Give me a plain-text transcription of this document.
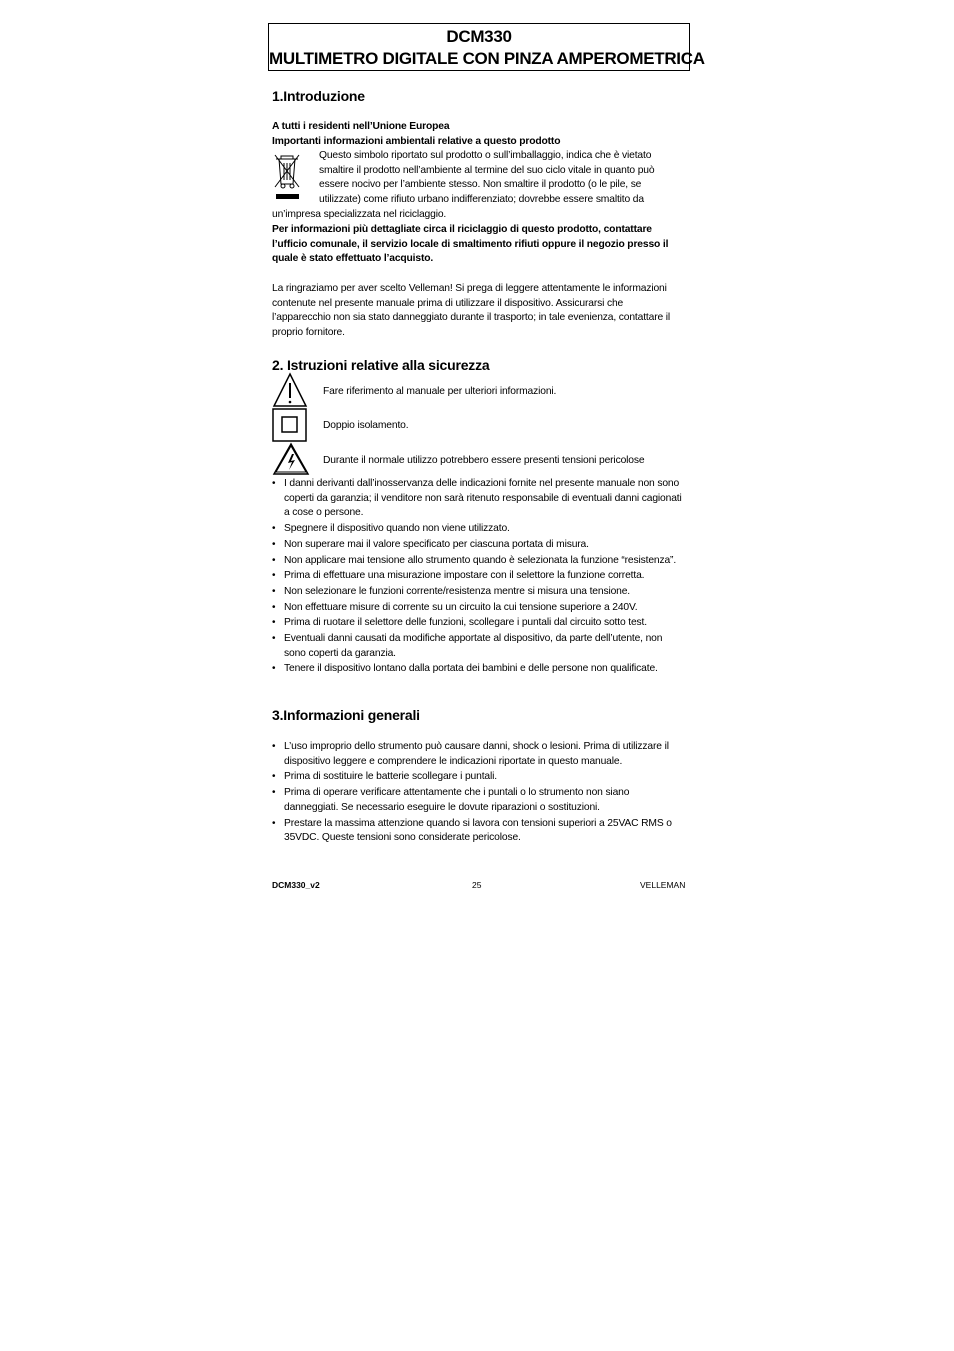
DCM330
MULTIMETRO DIGITALE CON PINZA AMPEROMETRICA
1.Introduzione
A tutti i residenti nell’Unione Europea
Importanti informazioni ambientali relative a questo prodotto
Questo simbolo riportato sul prodotto o sull’imballaggio, indica che è vietato
smaltire il prodotto nell’ambiente al termine del suo ciclo vitale in quanto può
essere nocivo per l’ambiente stesso. Non smaltire il prodotto (o le pile, se
utilizzate) come rifiuto urbano indifferenziato; dovrebbe essere smaltito da
un’impresa specializzata nel riciclaggio.

Per informazioni più dettagliate circa il riciclaggio di questo prodotto, contattare l’ufficio comunale, il servizio locale di smaltimento rifiuti oppure il negozio presso il quale è stato effettuato l’acquisto.

La ringraziamo per aver scelto Velleman! Si prega di leggere attentamente le informazioni contenute nel presente manuale prima di utilizzare il dispositivo. Assicurarsi che l’apparecchio non sia stato danneggiato durante il trasporto; in tale evenienza, contattare il proprio fornitore.

2. Istruzioni relative alla sicurezza
Fare riferimento al manuale per ulteriori informazioni.
Doppio isolamento.
Durante il normale utilizzo potrebbero essere presenti tensioni pericolose
• I danni derivanti dall’inosservanza delle indicazioni fornite nel presente manuale non sono coperti da garanzia; il venditore non sarà ritenuto responsabile di eventuali danni cagionati a cose o persone.
• Spegnere il dispositivo quando non viene utilizzato.
• Non superare mai il valore specificato per ciascuna portata di misura.
• Non applicare mai tensione allo strumento quando è selezionata la funzione “resistenza”.
• Prima di effettuare una misurazione impostare con il selettore la funzione corretta.
• Non selezionare le funzioni corrente/resistenza mentre si misura una tensione.
• Non effettuare misure di corrente su un circuito la cui tensione superiore a 240V.
• Prima di ruotare il selettore delle funzioni, scollegare i puntali dal circuito sotto test.
• Eventuali danni causati da modifiche apportate al dispositivo, da parte dell’utente, non sono coperti da garanzia.
• Tenere il dispositivo lontano dalla portata dei bambini e delle persone non qualificate.
3.Informazioni generali
• L’uso improprio dello strumento può causare danni, shock o lesioni. Prima di utilizzare il dispositivo leggere e comprendere le indicazioni riportate in questo manuale.
• Prima di sostituire le batterie scollegare i puntali.
• Prima di operare verificare attentamente che i puntali o lo strumento non siano danneggiati. Se necessario eseguire le dovute riparazioni o sostituzioni.
• Prestare la massima attenzione quando si lavora con tensioni superiori a 25VAC RMS o 35VDC. Queste tensioni sono considerate pericolose.
DCM330_v2	25	VELLEMAN
